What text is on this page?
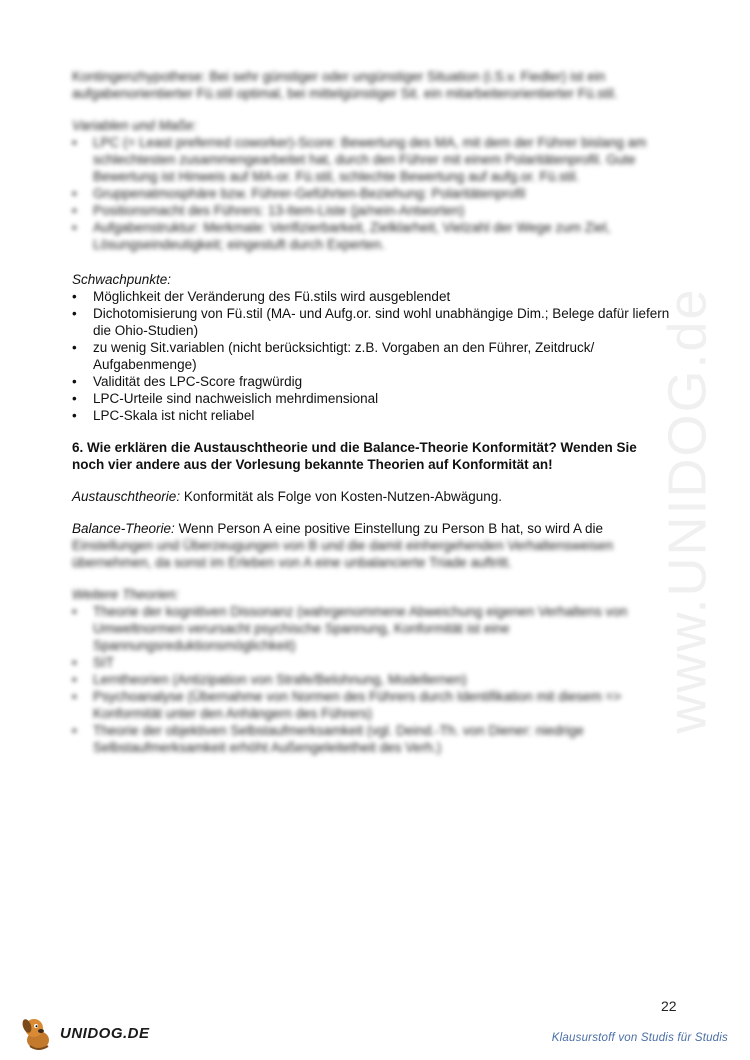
www.UNIDOG.de

Kontingenzhypothese: Bei sehr günstiger oder ungünstiger Situation (i.S.v. Fiedler) ist ein aufgabenorientierter Fü.stil optimal, bei mittelgünstiger Sit. ein mitarbeiterorientierter Fü.stil.

Variablen und Maße:

• LPC (= Least preferred coworker)-Score: Bewertung des MA, mit dem der Führer bislang am schlechtesten zusammengearbeitet hat, durch den Führer mit einem Polaritätenprofil. Gute Bewertung ist Hinweis auf MA-or. Fü.stil, schlechte Bewertung auf aufg.or. Fü.stil.
• Gruppenatmosphäre bzw. Führer-Geführten-Beziehung: Polaritätenprofil
• Positionsmacht des Führers: 13-Item-Liste (ja/nein-Antworten)
• Aufgabenstruktur: Merkmale: Verifizierbarkeit, Zielklarheit, Vielzahl der Wege zum Ziel, Lösungseindeutigkeit; eingestuft durch Experten.

Schwachpunkte:

• Möglichkeit der Veränderung des Fü.stils wird ausgeblendet
• Dichotomisierung von Fü.stil (MA- und Aufg.or. sind wohl unabhängige Dim.; Belege dafür liefern die Ohio-Studien)
• zu wenig Sit.variablen (nicht berücksichtigt: z.B. Vorgaben an den Führer, Zeitdruck/ Aufgabenmenge)
• Validität des LPC-Score fragwürdig
• LPC-Urteile sind nachweislich mehrdimensional
• LPC-Skala ist nicht reliabel

6. Wie erklären die Austauschtheorie und die Balance-Theorie Konformität? Wenden Sie noch vier andere aus der Vorlesung bekannte Theorien auf Konformität an!

Austauschtheorie: Konformität als Folge von Kosten-Nutzen-Abwägung.

Balance-Theorie: Wenn Person A eine positive Einstellung zu Person B hat, so wird A die

Einstellungen und Überzeugungen von B und die damit einhergehenden Verhaltensweisen übernehmen, da sonst im Erleben von A eine unbalancierte Triade auftritt.

Weitere Theorien:

• Theorie der kognitiven Dissonanz (wahrgenommene Abweichung eigenen Verhaltens von Umweltnormen verursacht psychische Spannung, Konformität ist eine Spannungsreduktionsmöglichkeit)
• SIT
• Lerntheorien (Antizipation von Strafe/Belohnung, Modellernen)
• Psychoanalyse (Übernahme von Normen des Führers durch Identifikation mit diesem => Konformität unter den Anhängern des Führers)
• Theorie der objektiven Selbstaufmerksamkeit (vgl. Deind.-Th. von Diener: niedrige Selbstaufmerksamkeit erhöht Außengeleitetheit des Verh.)
22
UNIDOG.DE	Klausurstoff von Studis für Studis
